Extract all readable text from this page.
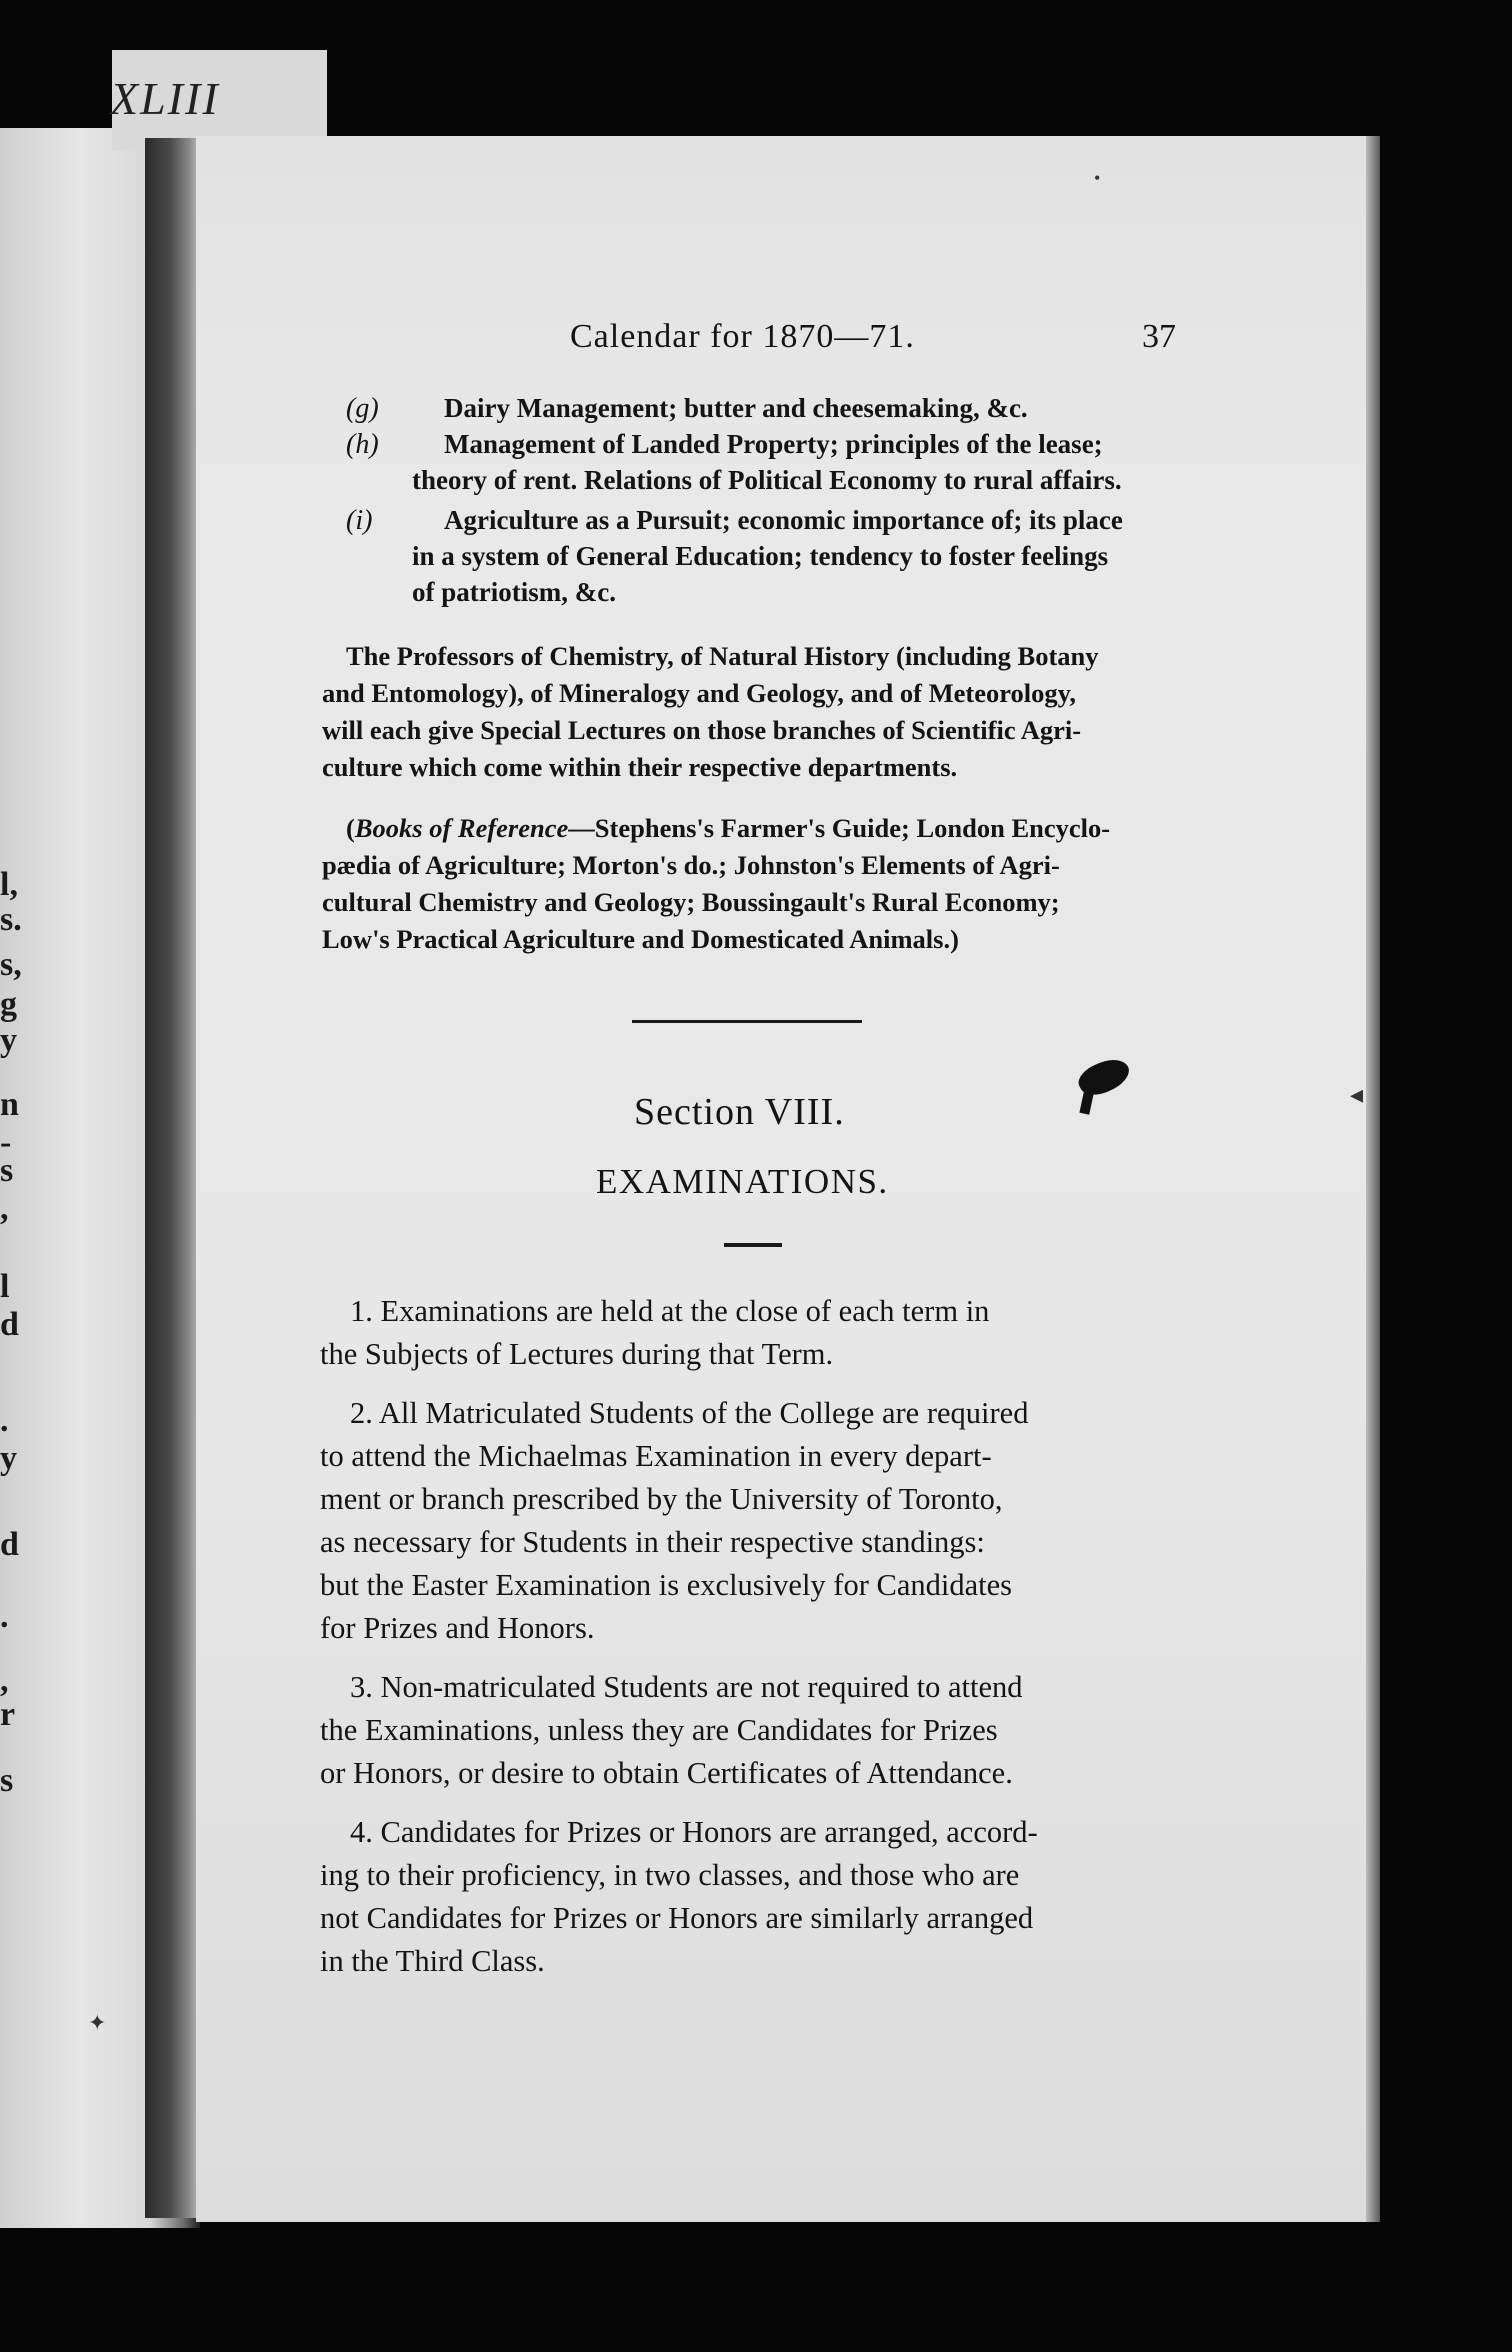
l,
s.
s,
g
y
n
-
s
,
l
d
.
y
d
.
,
r
s
XLIII
Calendar for 1870—71.	37
(g) Dairy Management; butter and cheesemaking, &c.
(h) Management of Landed Property; principles of the lease;
theory of rent. Relations of Political Economy to rural affairs.
(i)	Agriculture as a Pursuit; economic importance of; its place
in a system of General Education; tendency to foster feelings
of patriotism, &c.
The Professors of Chemistry, of Natural History (including Botany
and Entomology), of Mineralogy and Geology, and of Meteorology,
will each give Special Lectures on those branches of Scientific Agri-
culture which come within their respective departments.
(Books of Reference—Stephens's Farmer's Guide; London Encyclo-
pædia of Agriculture; Morton's do.; Johnston's Elements of Agri-
cultural Chemistry and Geology; Boussingault's Rural Economy;
Low's Practical Agriculture and Domesticated Animals.)
Section VIII.
EXAMINATIONS.
1. Examinations are held at the close of each term in
the Subjects of Lectures during that Term.
2. All Matriculated Students of the College are required
to attend the Michaelmas Examination in every depart-
ment or branch prescribed by the University of Toronto,
as necessary for Students in their respective standings:
but the Easter Examination is exclusively for Candidates
for Prizes and Honors.
3. Non-matriculated Students are not required to attend
the Examinations, unless they are Candidates for Prizes
or Honors, or desire to obtain Certificates of Attendance.
4. Candidates for Prizes or Honors are arranged, accord-
ing to their proficiency, in two classes, and those who are
not Candidates for Prizes or Honors are similarly arranged
in the Third Class.
◂
•
✦
